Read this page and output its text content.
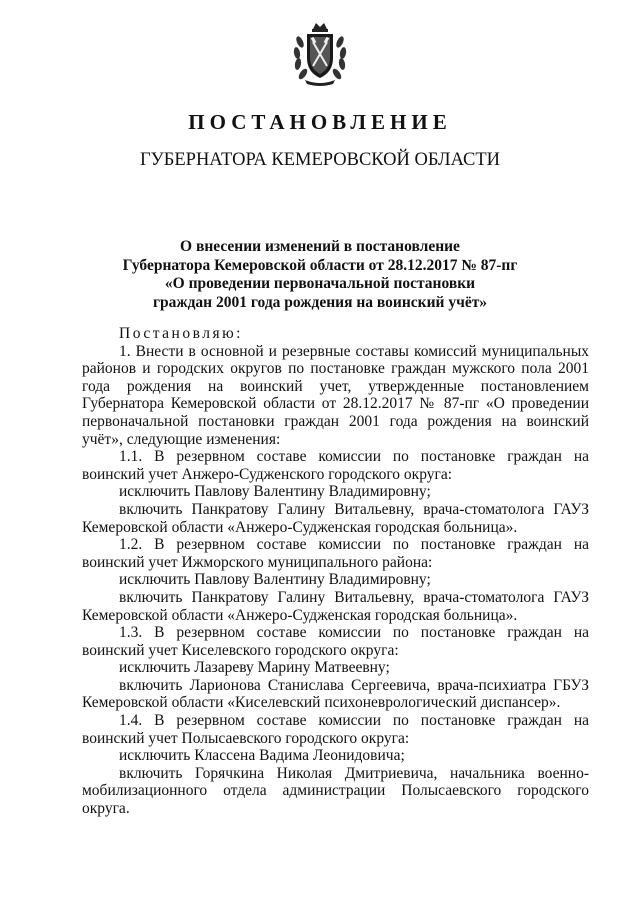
ПОСТАНОВЛЕНИЕ
ГУБЕРНАТОРА КЕМЕРОВСКОЙ ОБЛАСТИ
О внесении изменений в постановление
Губернатора Кемеровской области от 28.12.2017 № 87-пг
«О проведении первоначальной постановки
граждан 2001 года рождения на воинский учёт»

Постановляю:

1. Внести в основной и резервные составы комиссий муниципальных районов и городских округов по постановке граждан мужского пола 2001 года рождения на воинский учет, утвержденные постановлением Губернатора Кемеровской области от 28.12.2017 № 87-пг «О проведении первоначальной постановки граждан 2001 года рождения на воинский учёт», следующие изменения:

1.1. В резервном составе комиссии по постановке граждан на воинский учет Анжеро-Судженского городского округа:

исключить Павлову Валентину Владимировну;

включить Панкратову Галину Витальевну, врача-стоматолога ГАУЗ Кемеровской области «Анжеро-Судженская городская больница».

1.2. В резервном составе комиссии по постановке граждан на воинский учет Ижморского муниципального района:

исключить Павлову Валентину Владимировну;

включить Панкратову Галину Витальевну, врача-стоматолога ГАУЗ Кемеровской области «Анжеро-Судженская городская больница».

1.3. В резервном составе комиссии по постановке граждан на воинский учет Киселевского городского округа:

исключить Лазареву Марину Матвеевну;

включить Ларионова Станислава Сергеевича, врача-психиатра ГБУЗ Кемеровской области «Киселевский психоневрологический диспансер».

1.4. В резервном составе комиссии по постановке граждан на воинский учет Полысаевского городского округа:

исключить Классена Вадима Леонидовича;

включить Горячкина Николая Дмитриевича, начальника военно-мобилизационного отдела администрации Полысаевского городского округа.
